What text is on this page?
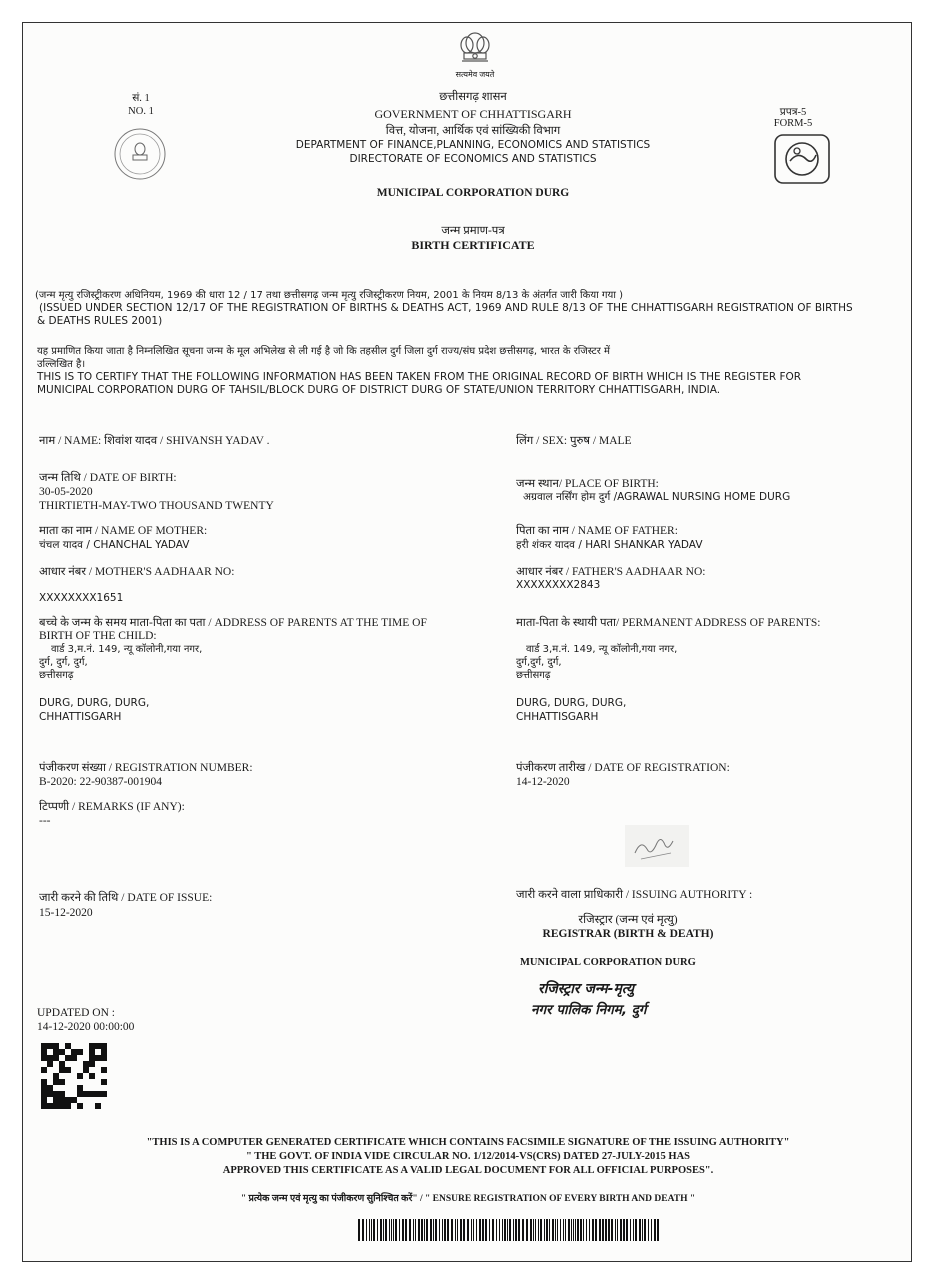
सत्यमेव जयते
सं. 1
NO. 1
छत्तीसगढ़ शासन
GOVERNMENT OF CHHATTISGARH
वित्त, योजना, आर्थिक एवं सांख्यिकी विभाग
DEPARTMENT OF FINANCE,PLANNING, ECONOMICS AND STATISTICS
DIRECTORATE OF ECONOMICS AND STATISTICS
प्रपत्र-5
FORM-5
MUNICIPAL CORPORATION DURG
जन्म प्रमाण-पत्र
BIRTH CERTIFICATE
(जन्म मृत्यु रजिस्ट्रीकरण अधिनियम, 1969 की धारा 12 / 17 तथा छत्तीसगढ़ जन्म मृत्यु रजिस्ट्रीकरण नियम, 2001 के नियम 8/13 के अंतर्गत जारी किया गया )
(ISSUED UNDER SECTION 12/17 OF THE REGISTRATION OF BIRTHS & DEATHS ACT, 1969 AND RULE 8/13 OF THE CHHATTISGARH REGISTRATION OF BIRTHS
& DEATHS RULES 2001)
यह प्रमाणित किया जाता है निम्नलिखित सूचना जन्म के मूल अभिलेख से ली गई है जो कि तहसील दुर्ग जिला दुर्ग राज्य/संघ प्रदेश छत्तीसगढ़, भारत के रजिस्टर में
उल्लिखित है।
THIS IS TO CERTIFY THAT THE FOLLOWING INFORMATION HAS BEEN TAKEN FROM THE ORIGINAL RECORD OF BIRTH WHICH IS THE REGISTER FOR
MUNICIPAL CORPORATION DURG OF TAHSIL/BLOCK DURG OF DISTRICT DURG OF STATE/UNION TERRITORY CHHATTISGARH, INDIA.
नाम / NAME: शिवांश यादव / SHIVANSH YADAV .
जन्म तिथि / DATE OF BIRTH:
30-05-2020
THIRTIETH-MAY-TWO THOUSAND TWENTY
माता का नाम / NAME OF MOTHER:
चंचल यादव / CHANCHAL YADAV
आधार नंबर / MOTHER'S AADHAAR NO:
XXXXXXXX1651
बच्चे के जन्म के समय माता-पिता का पता / ADDRESS OF PARENTS AT THE TIME OF
BIRTH OF THE CHILD:
वार्ड 3,म.नं. 149, न्यू कॉलोनी,गया नगर,
दुर्ग, दुर्ग, दुर्ग,
छत्तीसगढ़
DURG, DURG, DURG,
CHHATTISGARH
पंजीकरण संख्या / REGISTRATION NUMBER:
B-2020: 22-90387-001904
टिप्पणी / REMARKS (IF ANY):
---
लिंग / SEX: पुरुष / MALE
जन्म स्थान/ PLACE OF BIRTH:
अग्रवाल नर्सिंग होम दुर्ग /AGRAWAL NURSING HOME DURG
पिता का नाम / NAME OF FATHER:
हरी शंकर यादव / HARI SHANKAR YADAV
आधार नंबर / FATHER'S AADHAAR NO:
XXXXXXXX2843
माता-पिता के स्थायी पता/ PERMANENT ADDRESS OF PARENTS:
वार्ड 3,म.नं. 149, न्यू कॉलोनी,गया नगर,
दुर्ग,दुर्ग, दुर्ग,
छत्तीसगढ़
DURG, DURG, DURG,
CHHATTISGARH
पंजीकरण तारीख / DATE OF REGISTRATION:
14-12-2020
जारी करने की तिथि / DATE OF ISSUE:
15-12-2020
जारी करने वाला प्राधिकारी / ISSUING AUTHORITY :
रजिस्ट्रार (जन्म एवं मृत्यु)
REGISTRAR (BIRTH & DEATH)
MUNICIPAL CORPORATION DURG
रजिस्ट्रार जन्म-मृत्यु
नगर पालिक निगम, दुर्ग
UPDATED ON :
14-12-2020 00:00:00
"THIS IS A COMPUTER GENERATED CERTIFICATE WHICH CONTAINS FACSIMILE SIGNATURE OF THE ISSUING AUTHORITY"
" THE GOVT. OF INDIA VIDE CIRCULAR NO. 1/12/2014-VS(CRS) DATED 27-JULY-2015 HAS
APPROVED THIS CERTIFICATE AS A VALID LEGAL DOCUMENT FOR ALL OFFICIAL PURPOSES".
" प्रत्येक जन्म एवं मृत्यु का पंजीकरण सुनिश्चित करें" / " ENSURE REGISTRATION OF EVERY BIRTH AND DEATH "
